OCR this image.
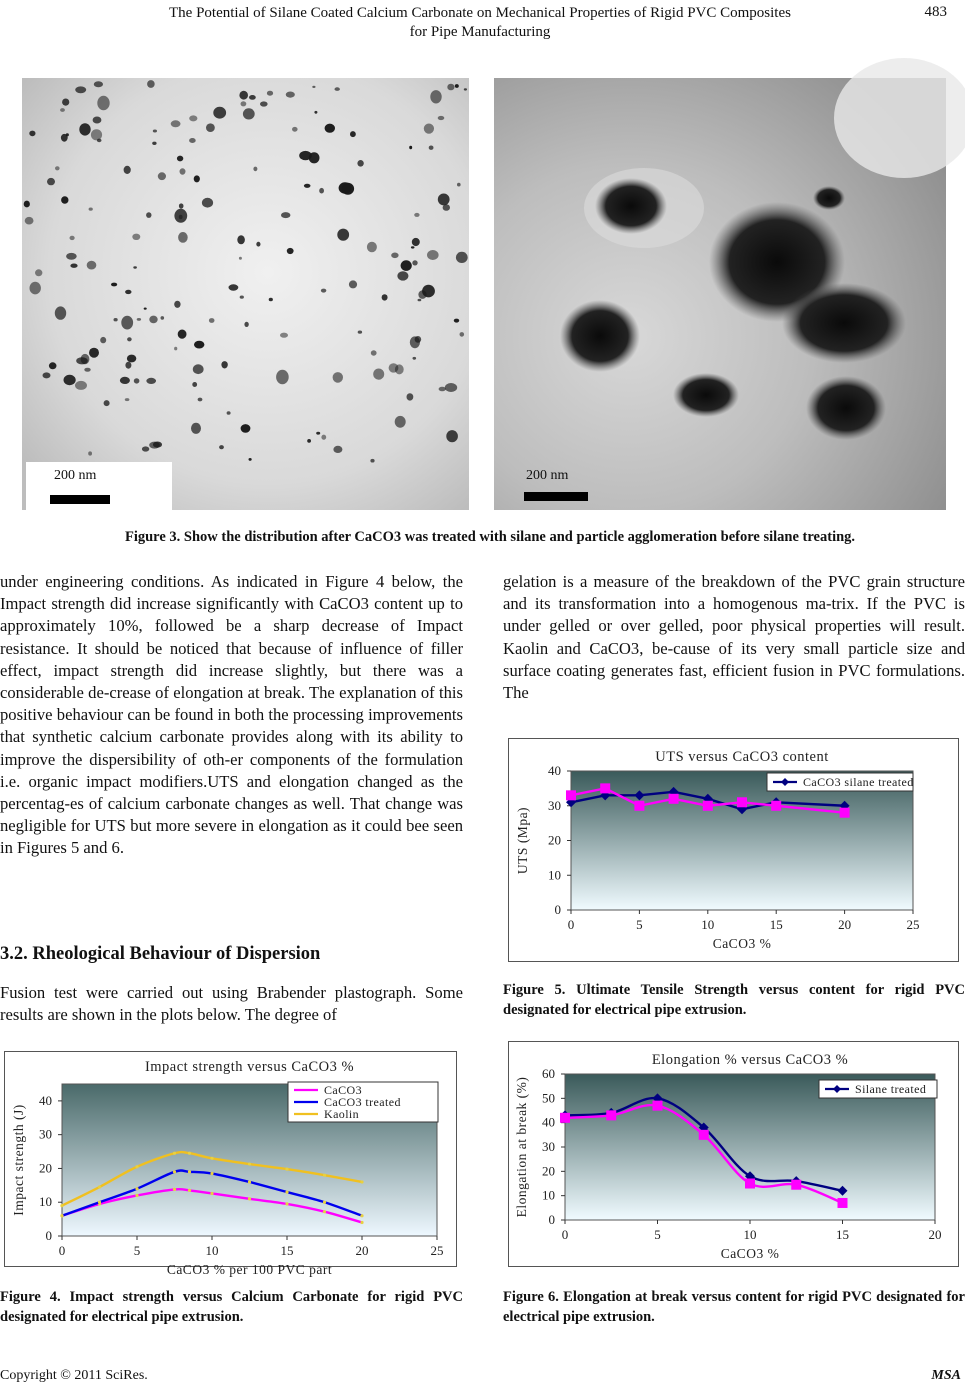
The Potential of Silane Coated Calcium Carbonate on Mechanical Properties of Rigid PVC Composites
for Pipe Manufacturing
483
200 nm	200 nm
Figure 3. Show the distribution after CaCO3 was treated with silane and particle agglomeration before silane treating.
under engineering conditions. As indicated in Figure 4 below, the Impact strength did increase significantly with CaCO3 content up to approximately 10%, followed be a sharp decrease of Impact resistance. It should be noticed that because of influence of filler effect, impact strength did increase slightly, but there was a considerable de-crease of elongation at break. The explanation of this positive behaviour can be found in both the processing improvements that synthetic calcium carbonate provides along with its ability to improve the dispersibility of oth-er components of the formulation i.e. organic impact modifiers.UTS and elongation changed as the percentag-es of calcium carbonate changes as well. That change was negligible for UTS but more severe in elongation as it could bee seen in Figures 5 and 6.
3.2. Rheological Behaviour of Dispersion
Fusion test were carried out using Brabender plastograph. Some results are shown in the plots below. The degree of
gelation is a measure of the breakdown of the PVC grain structure and its transformation into a homogenous ma-trix. If the PVC is under gelled or over gelled, poor physical properties will result. Kaolin and CaCO3, be-cause of its very small particle size and surface coating generates fast, efficient fusion in PVC formulations. The
Impact strength versus CaCO3 %
0
10
20
30
40
0	5	10	15	20	25
CaCO3 % per 100 PVC part
Impact strength (J)
CaCO3
CaCO3 treated
Kaolin
Figure 4. Impact strength versus Calcium Carbonate for rigid PVC designated for electrical pipe extrusion.
UTS versus CaCO3 content
0
10
20
30
40
0	5	10	15	20	25
CaCO3 %
UTS (Mpa)
CaCO3 silane treated
Figure 5. Ultimate Tensile Strength versus content for rigid PVC designated for electrical pipe extrusion.
Elongation % versus CaCO3 %
0
10
20
30
40
50
60
0	5	10	15	20
CaCO3 %
Elongation at break (%)	Silane treated
Figure 6. Elongation at break versus content for rigid PVC designated for electrical pipe extrusion.
Copyright © 2011 SciRes.	MSA
